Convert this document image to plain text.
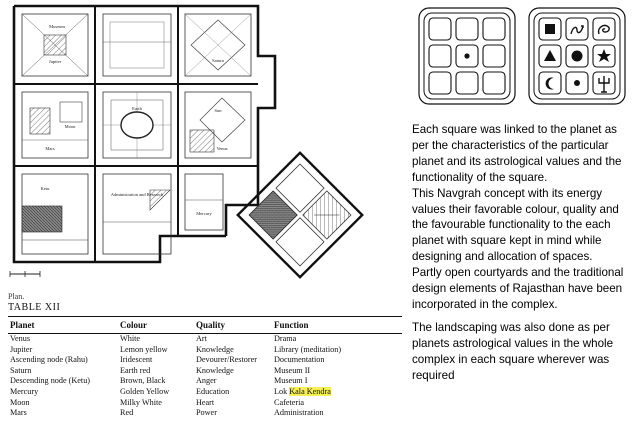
Museum
Jupiter	Saturn
Earth
Mars
Moon
Ketu
Sun
Venus
Administration and Research
Mercury
Plan.
TABLE XII
Planet	Colour	Quality	Function

Venus	White	Art	Drama
Jupiter	Lemon yellow	Knowledge	Library (meditation)
Ascending node (Rahu)	Iridescent	Devourer/Restorer	Documentation
Saturn	Earth red	Knowledge	Museum II
Descending node (Ketu)	Brown, Black	Anger	Museum I
Mercury	Golden Yellow	Education	Lok Kala Kendra
Moon	Milky White	Heart	Cafeteria
Mars	Red	Power	Administration

Each square was linked to the planet as per the characteristics of the particular planet and its astrological values and the functionality of the square.

This Navgrah concept with its energy values their favorable colour, quality and the favourable functionality to the each planet with square kept in mind while designing and allocation of spaces.

Partly open courtyards and the traditional design elements of Rajasthan have been incorporated in the complex.

The landscaping was also done as per planets astrological values in the whole complex in each square wherever was required
